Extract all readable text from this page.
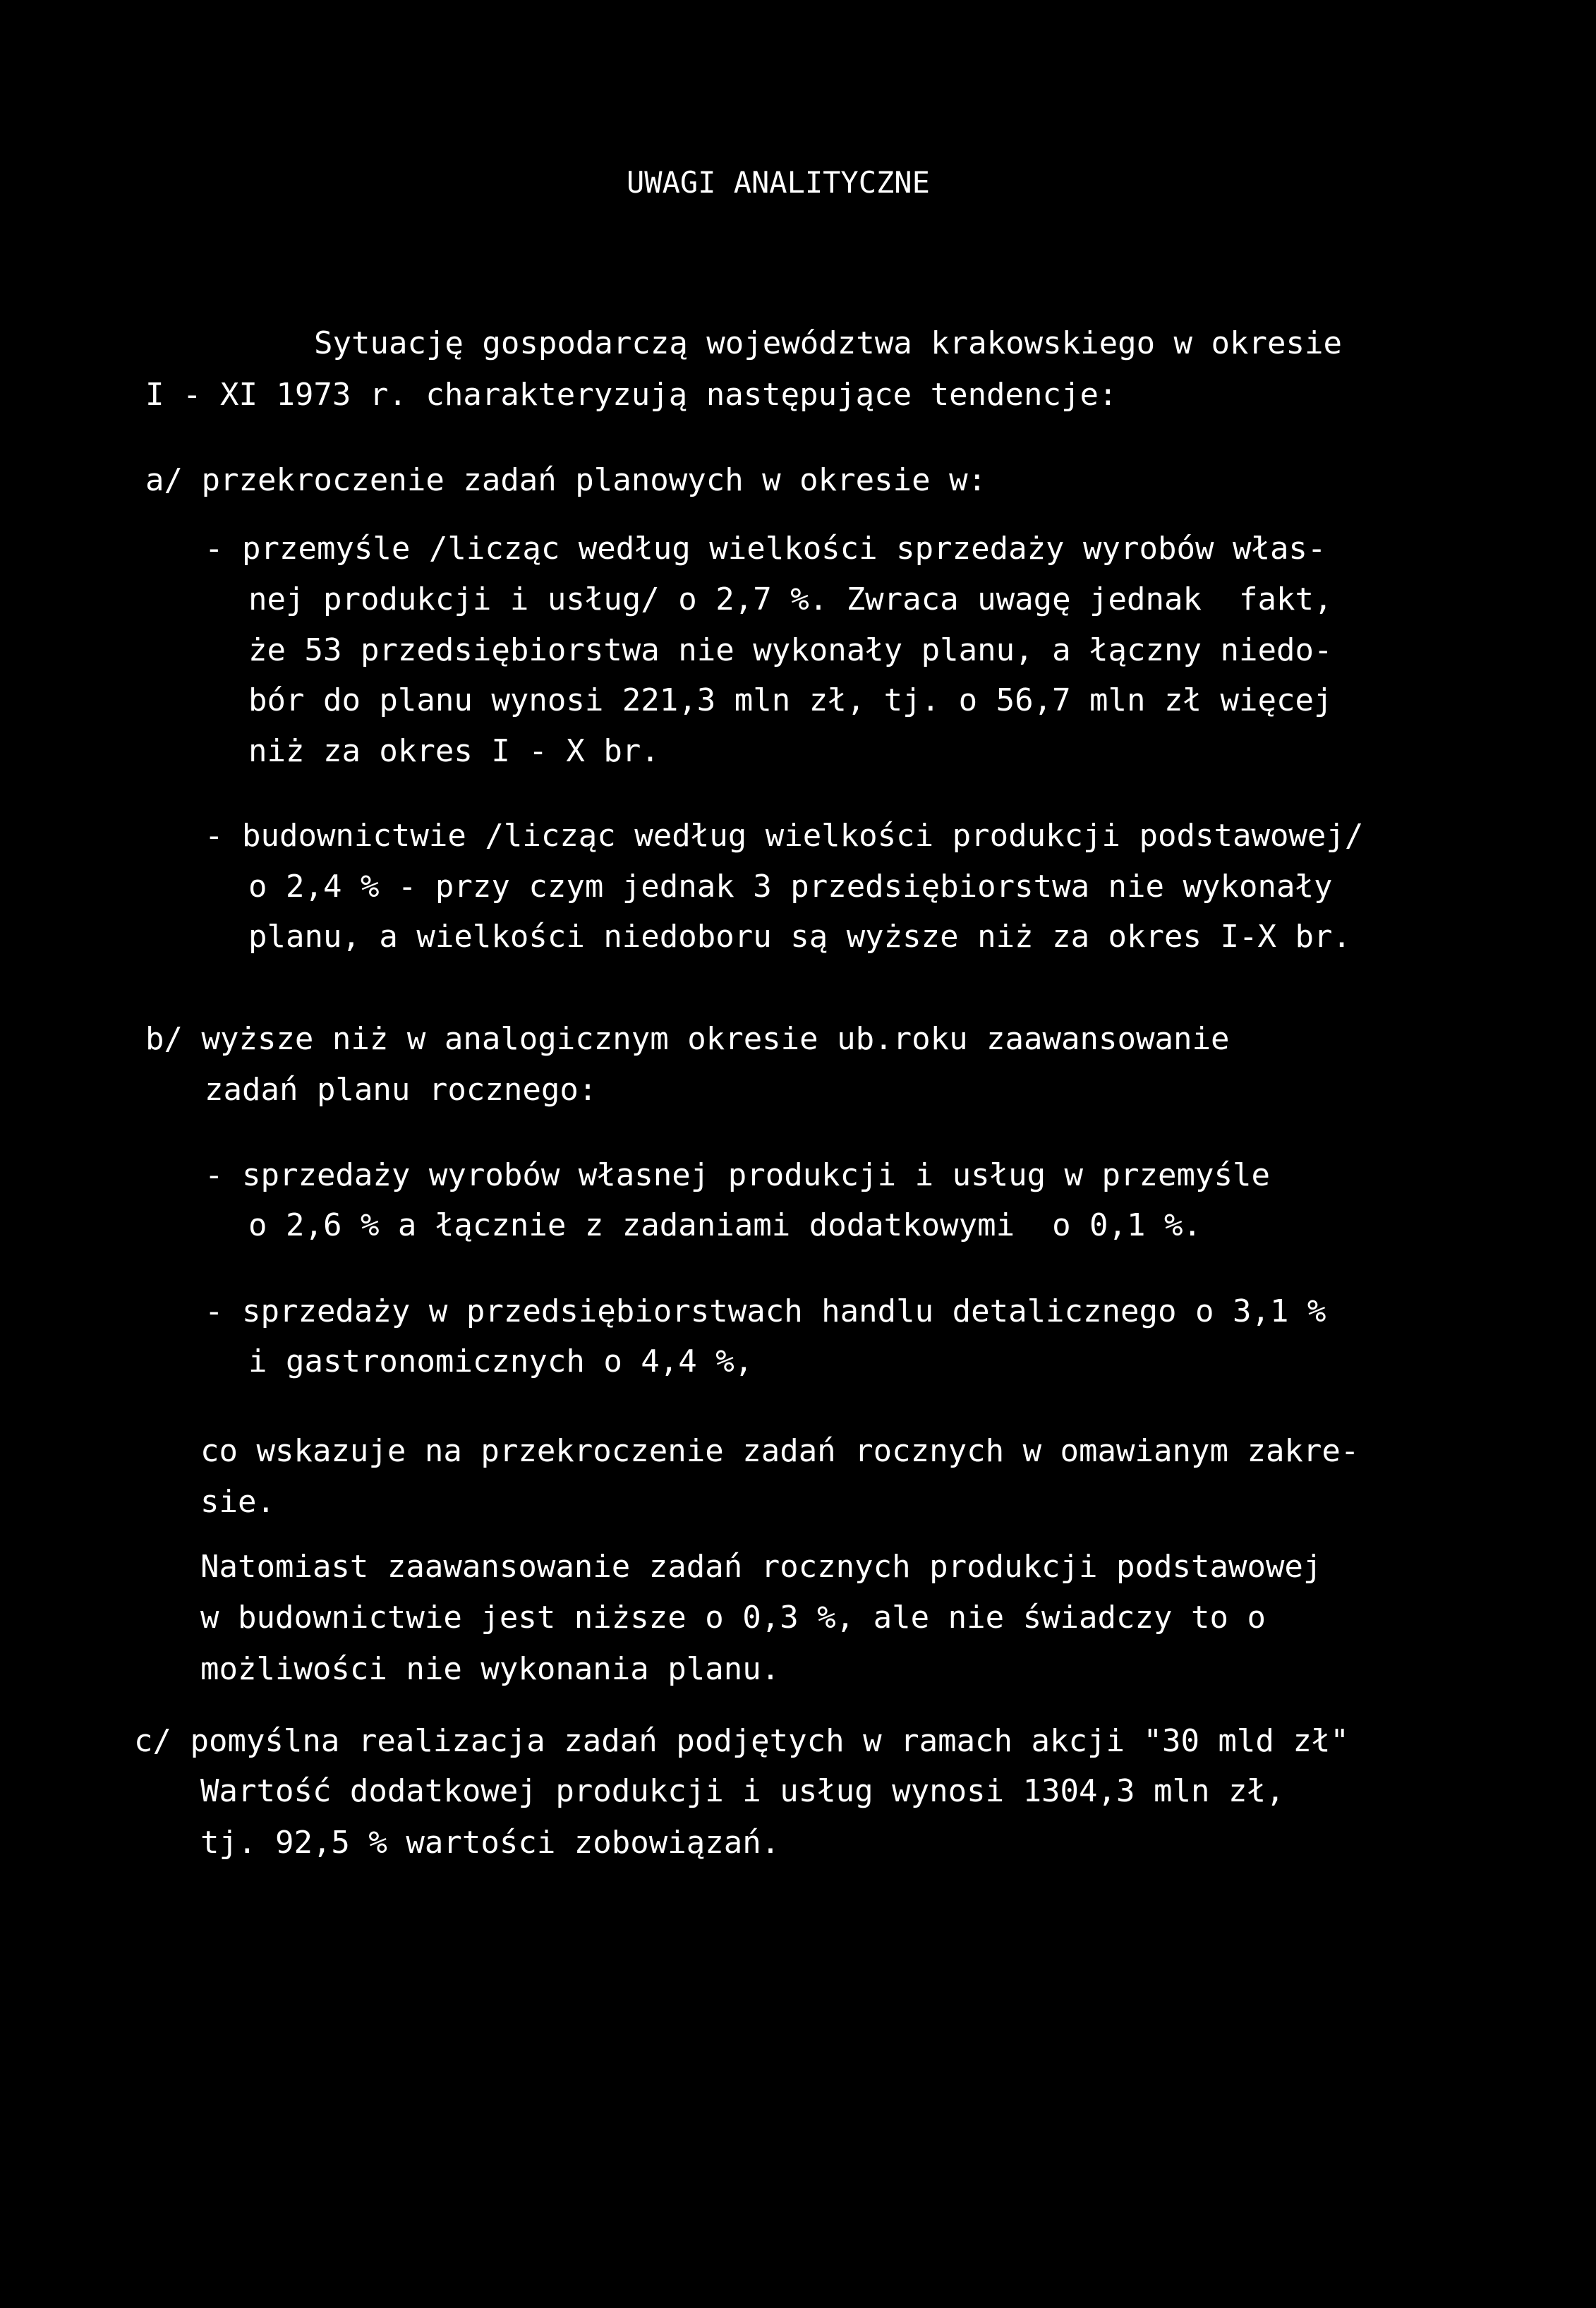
UWAGI ANALITYCZNE
Sytuację gospodarczą województwa krakowskiego w okresie
I - XI 1973 r. charakteryzują następujące tendencje:
a/ przekroczenie zadań planowych w okresie w:
- przemyśle /licząc według wielkości sprzedaży wyrobów włas-
nej produkcji i usług/ o 2,7 %. Zwraca uwagę jednak  fakt,
że 53 przedsiębiorstwa nie wykonały planu, a łączny niedo-
bór do planu wynosi 221,3 mln zł, tj. o 56,7 mln zł więcej
niż za okres I - X br.
- budownictwie /licząc według wielkości produkcji podstawowej/
o 2,4 % - przy czym jednak 3 przedsiębiorstwa nie wykonały
planu, a wielkości niedoboru są wyższe niż za okres I-X br.
b/ wyższe niż w analogicznym okresie ub.roku zaawansowanie
zadań planu rocznego:
- sprzedaży wyrobów własnej produkcji i usług w przemyśle
o 2,6 % a łącznie z zadaniami dodatkowymi  o 0,1 %.
- sprzedaży w przedsiębiorstwach handlu detalicznego o 3,1 %
i gastronomicznych o 4,4 %,
co wskazuje na przekroczenie zadań rocznych w omawianym zakre-
sie.
Natomiast zaawansowanie zadań rocznych produkcji podstawowej
w budownictwie jest niższe o 0,3 %, ale nie świadczy to o
możliwości nie wykonania planu.
c/ pomyślna realizacja zadań podjętych w ramach akcji "30 mld zł"
Wartość dodatkowej produkcji i usług wynosi 1304,3 mln zł,
tj. 92,5 % wartości zobowiązań.
